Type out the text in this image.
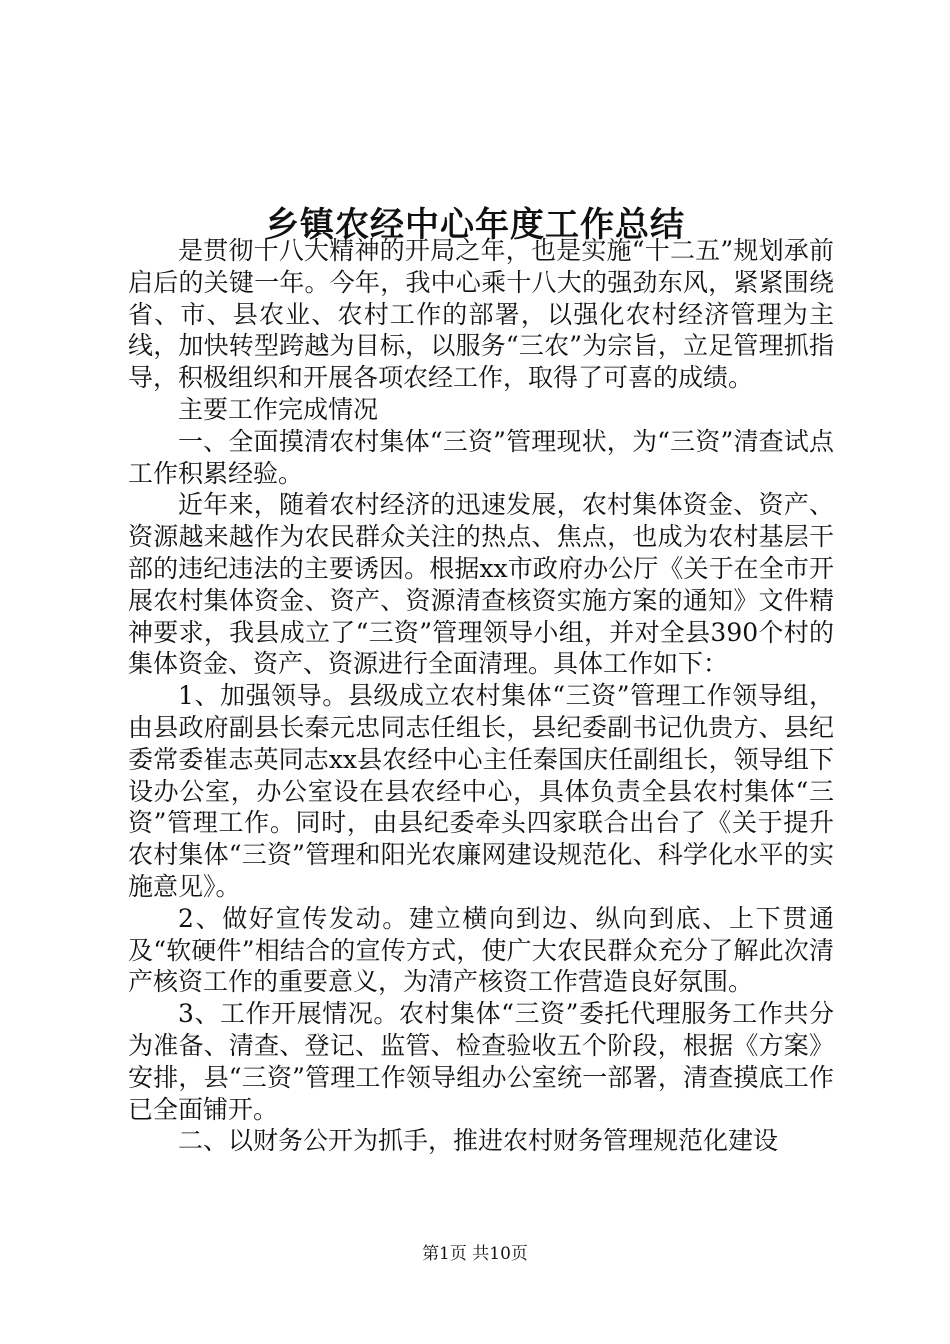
乡镇农经中心年度工作总结

是贯彻十八大精神的开局之年，也是实施“十二五”规划承前启后的关键一年。今年，我中心乘十八大的强劲东风，紧紧围绕省、市、县农业、农村工作的部署，以强化农村经济管理为主线，加快转型跨越为目标，以服务“三农”为宗旨，立足管理抓指导，积极组织和开展各项农经工作，取得了可喜的成绩。

主要工作完成情况

一、全面摸清农村集体“三资”管理现状，为“三资”清查试点工作积累经验。

近年来，随着农村经济的迅速发展，农村集体资金、资产、资源越来越作为农民群众关注的热点、焦点，也成为农村基层干部的违纪违法的主要诱因。根据xx市政府办公厅《关于在全市开展农村集体资金、资产、资源清查核资实施方案的通知》文件精神要求，我县成立了“三资”管理领导小组，并对全县390个村的集体资金、资产、资源进行全面清理。具体工作如下：

1、加强领导。县级成立农村集体“三资”管理工作领导组，由县政府副县长秦元忠同志任组长，县纪委副书记仇贵方、县纪委常委崔志英同志xx县农经中心主任秦国庆任副组长，领导组下设办公室，办公室设在县农经中心，具体负责全县农村集体“三资”管理工作。同时，由县纪委牵头四家联合出台了《关于提升农村集体“三资”管理和阳光农廉网建设规范化、科学化水平的实施意见》。

2、做好宣传发动。建立横向到边、纵向到底、上下贯通及“软硬件”相结合的宣传方式，使广大农民群众充分了解此次清产核资工作的重要意义，为清产核资工作营造良好氛围。

3、工作开展情况。农村集体“三资”委托代理服务工作共分为准备、清查、登记、监管、检查验收五个阶段，根据《方案》安排，县“三资”管理工作领导组办公室统一部署，清查摸底工作已全面铺开。

二、以财务公开为抓手，推进农村财务管理规范化建设

第1页 共10页
